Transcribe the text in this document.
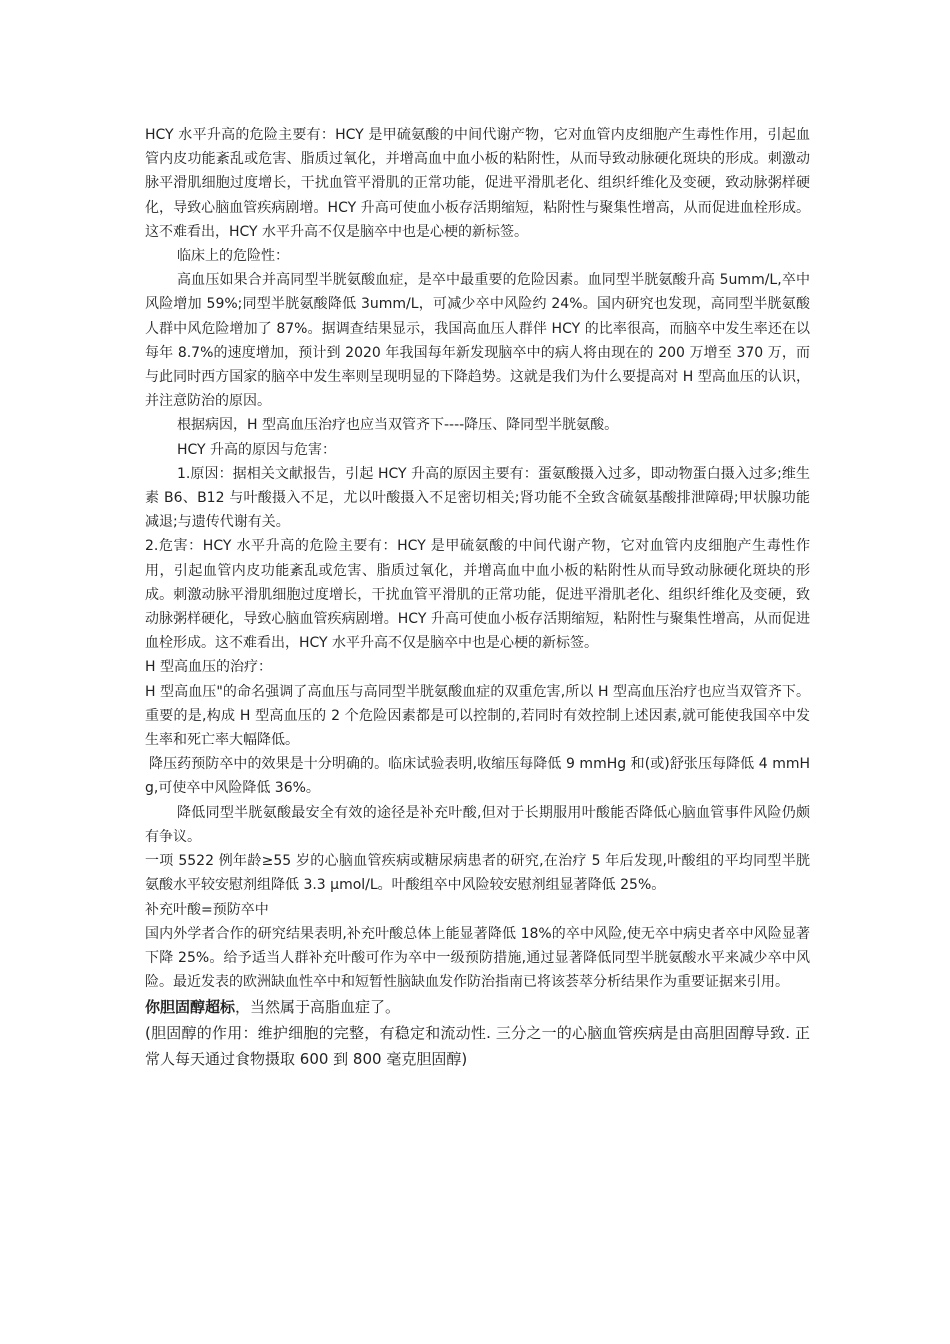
HCY 水平升高的危险主要有：HCY 是甲硫氨酸的中间代谢产物，它对血管内皮细胞产生毒性作用，引起血管内皮功能紊乱或危害、脂质过氧化，并增高血中血小板的粘附性，从而导致动脉硬化斑块的形成。刺激动脉平滑肌细胞过度增长，干扰血管平滑肌的正常功能，促进平滑肌老化、组织纤维化及变硬，致动脉粥样硬化，导致心脑血管疾病剧增。HCY 升高可使血小板存活期缩短，粘附性与聚集性增高，从而促进血栓形成。这不难看出，HCY 水平升高不仅是脑卒中也是心梗的新标签。

临床上的危险性：

高血压如果合并高同型半胱氨酸血症，是卒中最重要的危险因素。血同型半胱氨酸升高 5umm/L,卒中风险增加 59%;同型半胱氨酸降低 3umm/L，可减少卒中风险约 24%。国内研究也发现，高同型半胱氨酸人群中风危险增加了 87%。据调查结果显示，我国高血压人群伴 HCY 的比率很高，而脑卒中发生率还在以每年 8.7%的速度增加，预计到 2020 年我国每年新发现脑卒中的病人将由现在的 200 万增至 370 万，而与此同时西方国家的脑卒中发生率则呈现明显的下降趋势。这就是我们为什么要提高对 H 型高血压的认识，并注意防治的原因。

根据病因，H 型高血压治疗也应当双管齐下----降压、降同型半胱氨酸。

HCY 升高的原因与危害：

1.原因：据相关文献报告，引起 HCY 升高的原因主要有：蛋氨酸摄入过多，即动物蛋白摄入过多;维生素 B6、B12 与叶酸摄入不足，尤以叶酸摄入不足密切相关;肾功能不全致含硫氨基酸排泄障碍;甲状腺功能减退;与遗传代谢有关。

2.危害：HCY 水平升高的危险主要有：HCY 是甲硫氨酸的中间代谢产物，它对血管内皮细胞产生毒性作用，引起血管内皮功能紊乱或危害、脂质过氧化，并增高血中血小板的粘附性从而导致动脉硬化斑块的形成。刺激动脉平滑肌细胞过度增长，干扰血管平滑肌的正常功能，促进平滑肌老化、组织纤维化及变硬，致动脉粥样硬化，导致心脑血管疾病剧增。HCY 升高可使血小板存活期缩短，粘附性与聚集性增高，从而促进血栓形成。这不难看出，HCY 水平升高不仅是脑卒中也是心梗的新标签。

H 型高血压的治疗：

H 型高血压"的命名强调了高血压与高同型半胱氨酸血症的双重危害,所以 H 型高血压治疗也应当双管齐下。重要的是,构成 H 型高血压的 2 个危险因素都是可以控制的,若同时有效控制上述因素,就可能使我国卒中发生率和死亡率大幅降低。

降压药预防卒中的效果是十分明确的。临床试验表明,收缩压每降低 9 mmHg 和(或)舒张压每降低 4 mmHg,可使卒中风险降低 36%。

降低同型半胱氨酸最安全有效的途径是补充叶酸,但对于长期服用叶酸能否降低心脑血管事件风险仍颇有争议。

一项 5522 例年龄≥55 岁的心脑血管疾病或糖尿病患者的研究,在治疗 5 年后发现,叶酸组的平均同型半胱氨酸水平较安慰剂组降低 3.3 μmol/L。叶酸组卒中风险较安慰剂组显著降低 25%。

补充叶酸=预防卒中

国内外学者合作的研究结果表明,补充叶酸总体上能显著降低 18%的卒中风险,使无卒中病史者卒中风险显著下降 25%。给予适当人群补充叶酸可作为卒中一级预防措施,通过显著降低同型半胱氨酸水平来减少卒中风险。最近发表的欧洲缺血性卒中和短暂性脑缺血发作防治指南已将该荟萃分析结果作为重要证据来引用。

你胆固醇超标，当然属于高脂血症了。

(胆固醇的作用：维护细胞的完整，有稳定和流动性. 三分之一的心脑血管疾病是由高胆固醇导致. 正常人每天通过食物摄取 600 到 800 毫克胆固醇)
